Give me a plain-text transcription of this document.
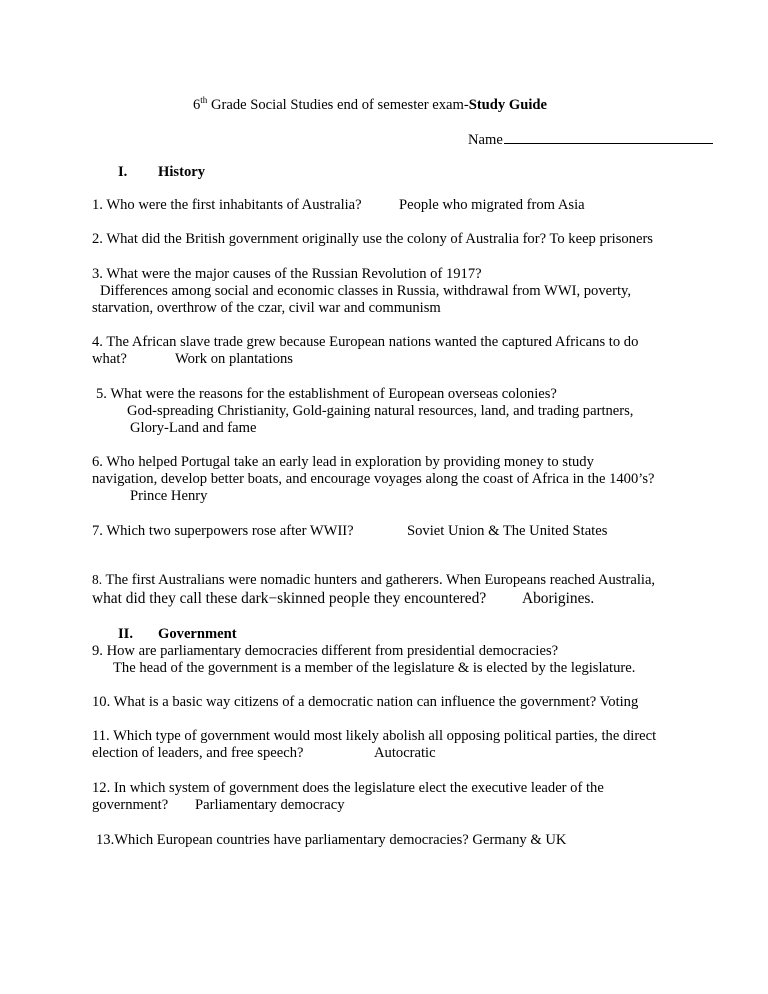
6th Grade Social Studies end of semester exam-Study Guide
Name
I. History
1. Who were the first inhabitants of Australia?	People who migrated from Asia
2. What did the British government originally use the colony of Australia for? To keep prisoners
3. What were the major causes of the Russian Revolution of 1917?
Differences among social and economic classes in Russia, withdrawal from WWI, poverty,
starvation, overthrow of the czar, civil war and communism
4. The African slave trade grew because European nations wanted the captured Africans to do
what?	Work on plantations
5. What were the reasons for the establishment of European overseas colonies?
God-spreading Christianity, Gold-gaining natural resources, land, and trading partners,
Glory-Land and fame
6. Who helped Portugal take an early lead in exploration by providing money to study
navigation, develop better boats, and encourage voyages along the coast of Africa in the 1400’s?
Prince Henry
7. Which two superpowers rose after WWII?	Soviet Union & The United States
8. The first Australians were nomadic hunters and gatherers. When Europeans reached Australia,
what did they call these dark−skinned people they encountered? Aborigines.
II. Government
9. How are parliamentary democracies different from presidential democracies?
The head of the government is a member of the legislature & is elected by the legislature.
10. What is a basic way citizens of a democratic nation can influence the government? Voting
11. Which type of government would most likely abolish all opposing political parties, the direct
election of leaders, and free speech?	Autocratic
12. In which system of government does the legislature elect the executive leader of the
government? Parliamentary democracy
13.Which European countries have parliamentary democracies? Germany & UK
